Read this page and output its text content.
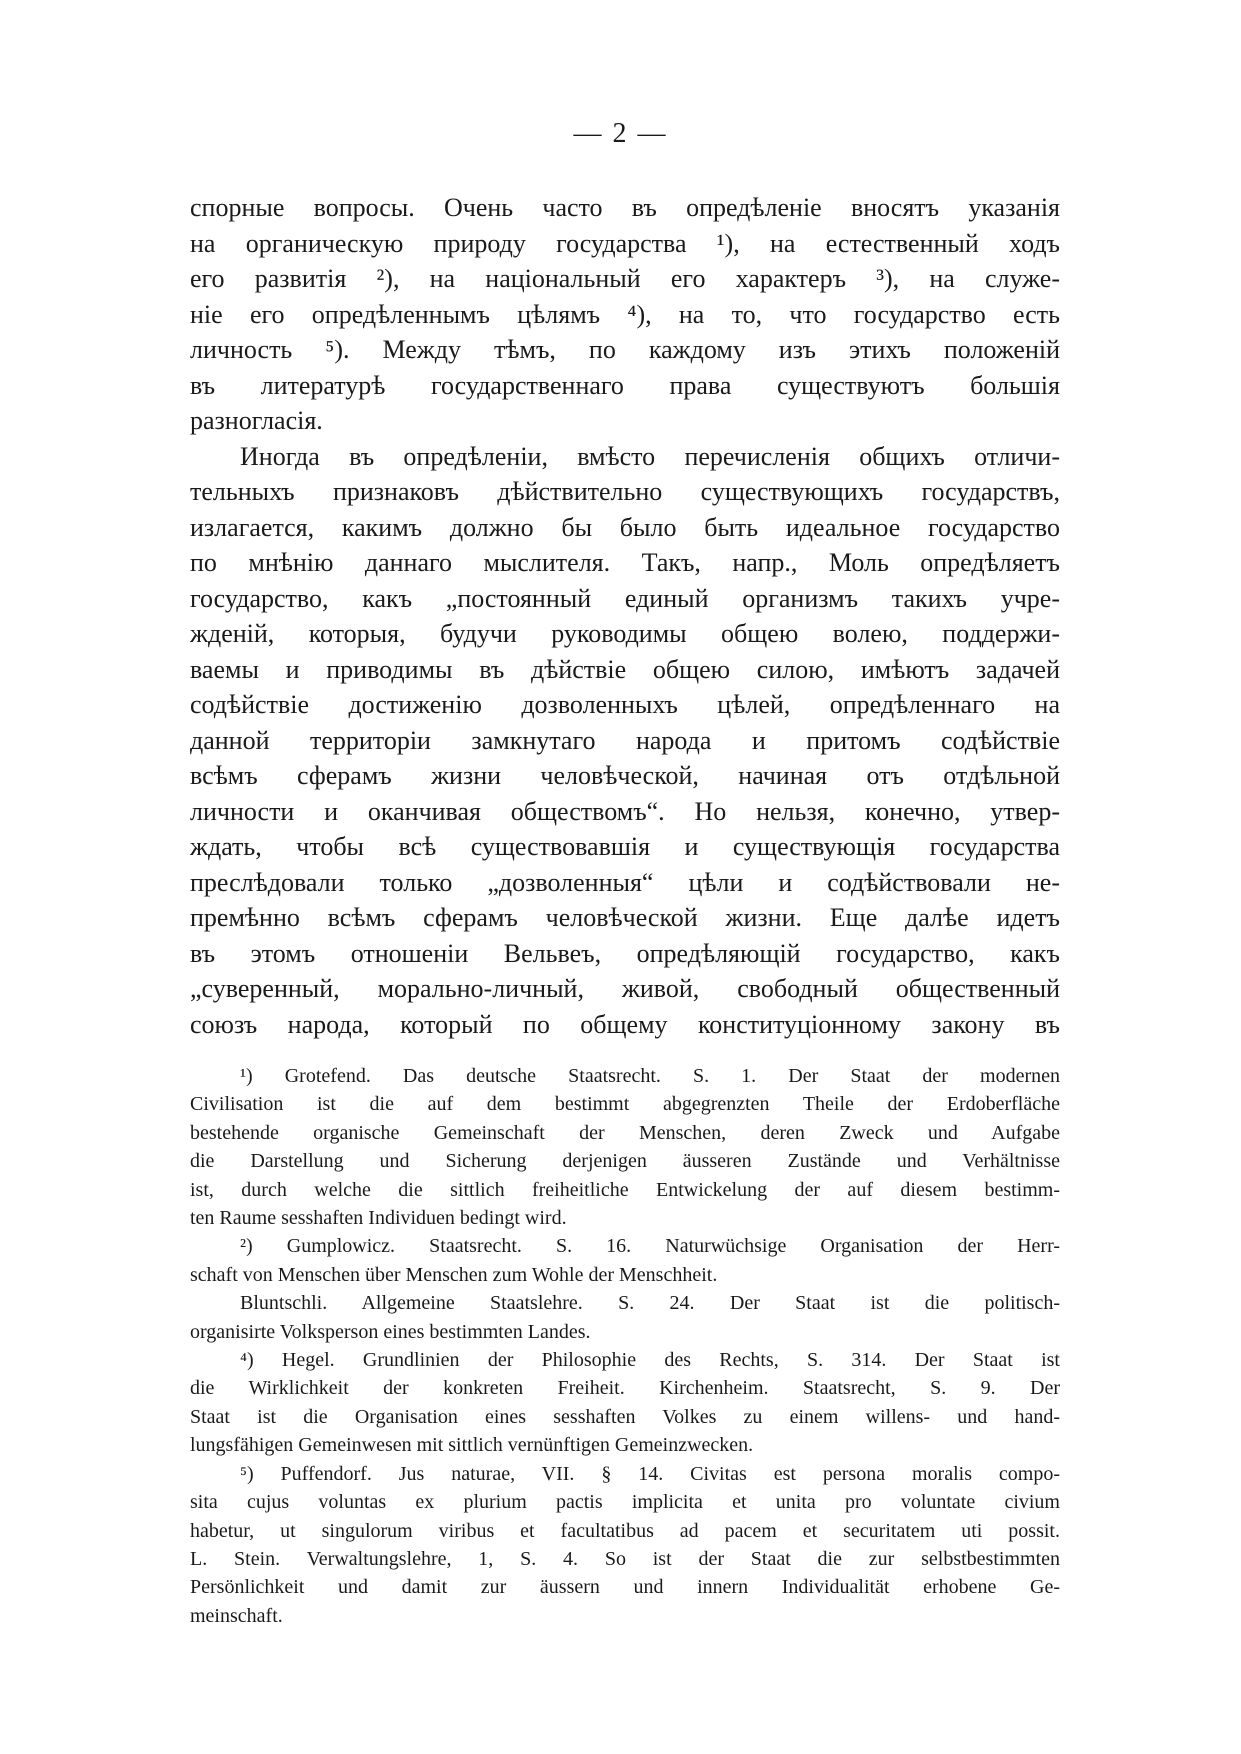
— 2 —
спорные вопросы. Очень часто въ опредѣленіе вносятъ указанія
на органическую природу государства ¹), на естественный ходъ
его развитія ²), на національный его характеръ ³), на служе-
ніе его опредѣленнымъ цѣлямъ ⁴), на то, что государство есть
личность ⁵). Между тѣмъ, по каждому изъ этихъ положеній
въ литературѣ государственнаго права существуютъ большія
разногласія.
Иногда въ опредѣленіи, вмѣсто перечисленія общихъ отличи-
тельныхъ признаковъ дѣйствительно существующихъ государствъ,
излагается, какимъ должно бы было быть идеальное государство
по мнѣнію даннаго мыслителя. Такъ, напр., Моль опредѣляетъ
государство, какъ „постоянный единый организмъ такихъ учре-
жденій, которыя, будучи руководимы общею волею, поддержи-
ваемы и приводимы въ дѣйствіе общею силою, имѣютъ задачей
содѣйствіе достиженію дозволенныхъ цѣлей, опредѣленнаго на
данной территоріи замкнутаго народа и притомъ содѣйствіе
всѣмъ сферамъ жизни человѣческой, начиная отъ отдѣльной
личности и оканчивая обществомъ“. Но нельзя, конечно, утвер-
ждать, чтобы всѣ существовавшія и существующія государства
преслѣдовали только „дозволенныя“ цѣли и содѣйствовали не-
премѣнно всѣмъ сферамъ человѣческой жизни. Еще далѣе идетъ
въ этомъ отношеніи Вельвеъ, опредѣляющій государство, какъ
„суверенный, морально-личный, живой, свободный общественный
союзъ народа, который по общему конституціонному закону въ
¹) Grotefend. Das deutsche Staatsrecht. S. 1. Der Staat der modernen
Civilisation ist die auf dem bestimmt abgegrenzten Theile der Erdoberfläche
bestehende organische Gemeinschaft der Menschen, deren Zweck und Aufgabe
die Darstellung und Sicherung derjenigen äusseren Zustände und Verhältnisse
ist, durch welche die sittlich freiheitliche Entwickelung der auf diesem bestimm-
ten Raume sesshaften Individuen bedingt wird.
²) Gumplowicz. Staatsrecht. S. 16. Naturwüchsige Organisation der Herr-
schaft von Menschen über Menschen zum Wohle der Menschheit.
Bluntschli. Allgemeine Staatslehre. S. 24. Der Staat ist die politisch-
organisirte Volksperson eines bestimmten Landes.
⁴) Hegel. Grundlinien der Philosophie des Rechts, S. 314. Der Staat ist
die Wirklichkeit der konkreten Freiheit. Kirchenheim. Staatsrecht, S. 9. Der
Staat ist die Organisation eines sesshaften Volkes zu einem willens- und hand-
lungsfähigen Gemeinwesen mit sittlich vernünftigen Gemeinzwecken.
⁵) Puffendorf. Jus naturae, VII. § 14. Civitas est persona moralis compo-
sita cujus voluntas ex plurium pactis implicita et unita pro voluntate civium
habetur, ut singulorum viribus et facultatibus ad pacem et securitatem uti possit.
L. Stein. Verwaltungslehre, 1, S. 4. So ist der Staat die zur selbstbestimmten
Persönlichkeit und damit zur äussern und innern Individualität erhobene Ge-
meinschaft.
